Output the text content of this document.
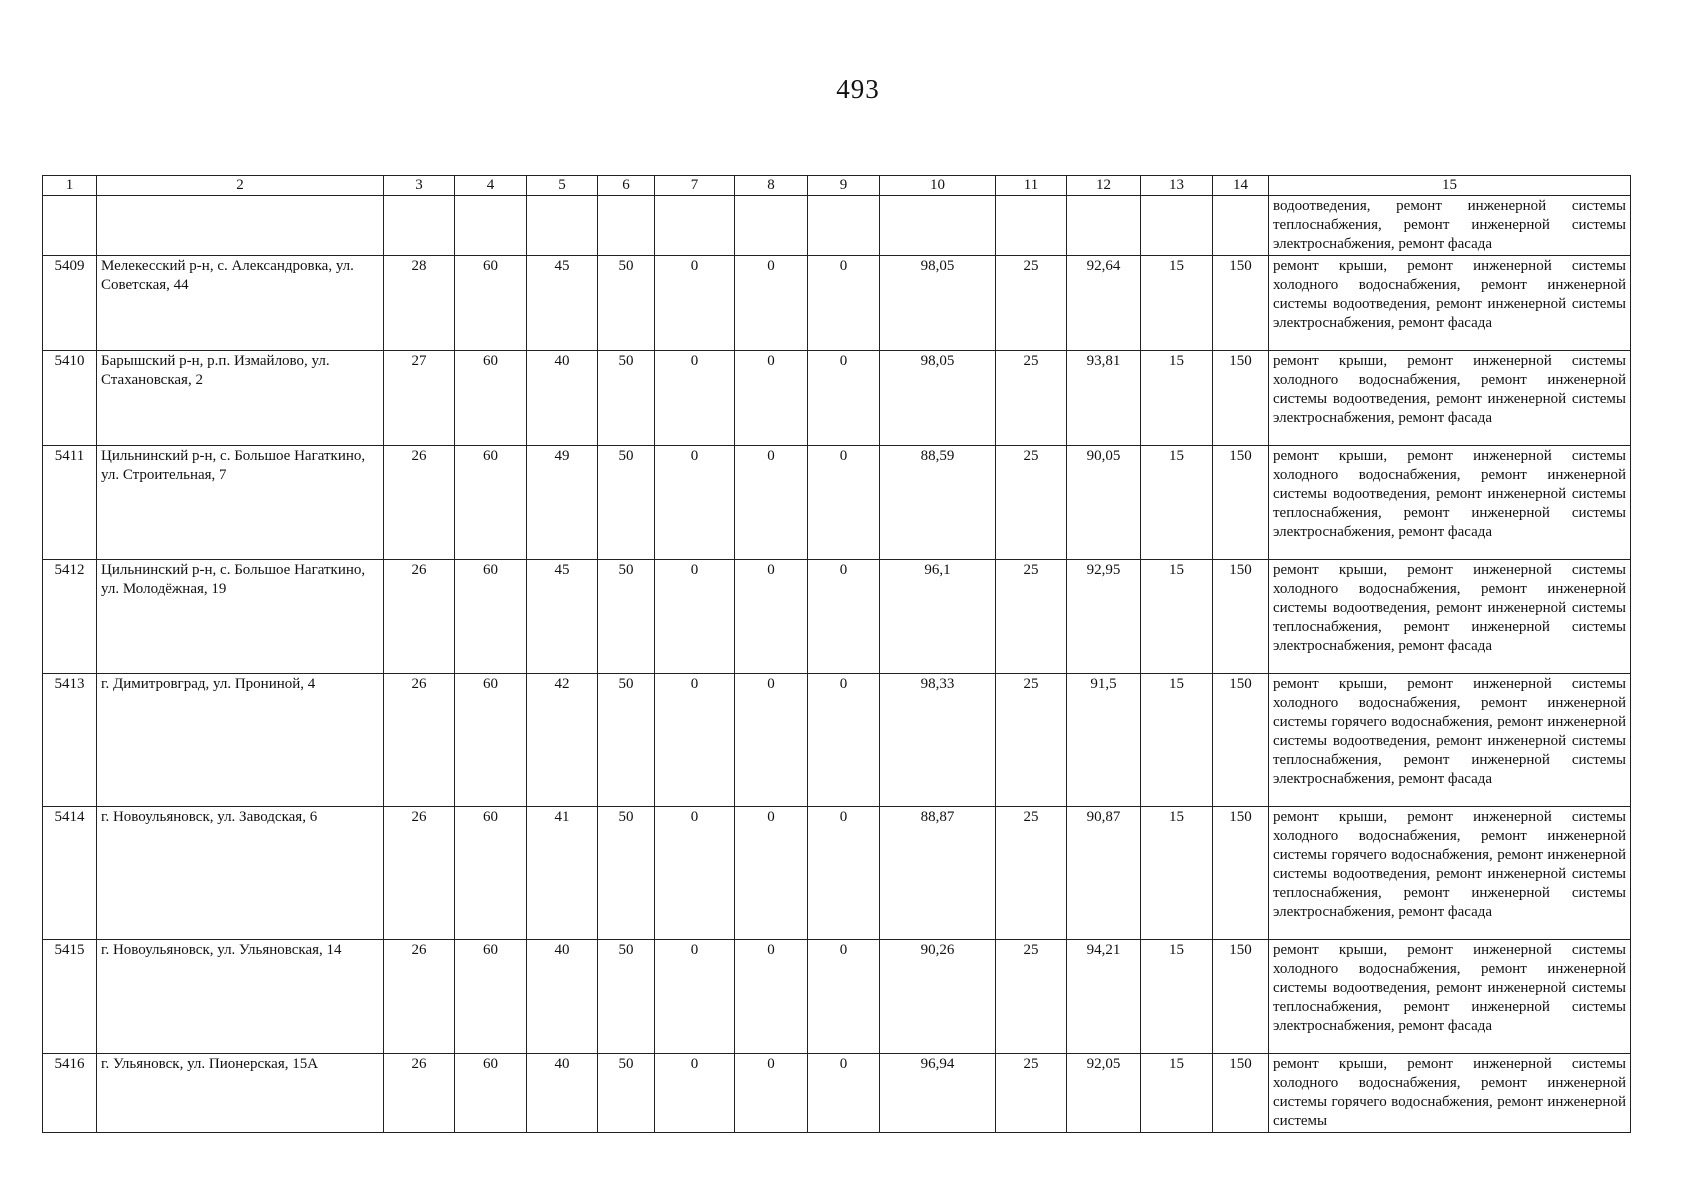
493
1	2	3	4	5	6	7	8	9	10	11	12	13	14	15
														водоотведения, ремонт инженерной системы теплоснабжения, ремонт инженерной системы электроснабжения, ремонт фасада
5409	Мелекесский р-н, с. Александровка, ул. Советская, 44	28	60	45	50	0	0	0	98,05	25	92,64	15	150	ремонт крыши, ремонт инженерной системы холодного водоснабжения, ремонт инженерной системы водоотведения, ремонт инженерной системы электроснабжения, ремонт фасада
5410	Барышский р-н, р.п. Измайлово, ул. Стахановская, 2	27	60	40	50	0	0	0	98,05	25	93,81	15	150	ремонт крыши, ремонт инженерной системы холодного водоснабжения, ремонт инженерной системы водоотведения, ремонт инженерной системы электроснабжения, ремонт фасада
5411	Цильнинский р-н, с. Большое Нагаткино, ул. Строительная, 7	26	60	49	50	0	0	0	88,59	25	90,05	15	150	ремонт крыши, ремонт инженерной системы холодного водоснабжения, ремонт инженерной системы водоотведения, ремонт инженерной системы теплоснабжения, ремонт инженерной системы электроснабжения, ремонт фасада
5412	Цильнинский р-н, с. Большое Нагаткино, ул. Молодёжная, 19	26	60	45	50	0	0	0	96,1	25	92,95	15	150	ремонт крыши, ремонт инженерной системы холодного водоснабжения, ремонт инженерной системы водоотведения, ремонт инженерной системы теплоснабжения, ремонт инженерной системы электроснабжения, ремонт фасада
5413	г. Димитровград, ул. Прониной, 4	26	60	42	50	0	0	0	98,33	25	91,5	15	150	ремонт крыши, ремонт инженерной системы холодного водоснабжения, ремонт инженерной системы горячего водоснабжения, ремонт инженерной системы водоотведения, ремонт инженерной системы теплоснабжения, ремонт инженерной системы электроснабжения, ремонт фасада
5414	г. Новоульяновск, ул. Заводская, 6	26	60	41	50	0	0	0	88,87	25	90,87	15	150	ремонт крыши, ремонт инженерной системы холодного водоснабжения, ремонт инженерной системы горячего водоснабжения, ремонт инженерной системы водоотведения, ремонт инженерной системы теплоснабжения, ремонт инженерной системы электроснабжения, ремонт фасада
5415	г. Новоульяновск, ул. Ульяновская, 14	26	60	40	50	0	0	0	90,26	25	94,21	15	150	ремонт крыши, ремонт инженерной системы холодного водоснабжения, ремонт инженерной системы водоотведения, ремонт инженерной системы теплоснабжения, ремонт инженерной системы электроснабжения, ремонт фасада
5416	г. Ульяновск, ул. Пионерская, 15А	26	60	40	50	0	0	0	96,94	25	92,05	15	150	ремонт крыши, ремонт инженерной системы холодного водоснабжения, ремонт инженерной системы горячего водоснабжения, ремонт инженерной системы
